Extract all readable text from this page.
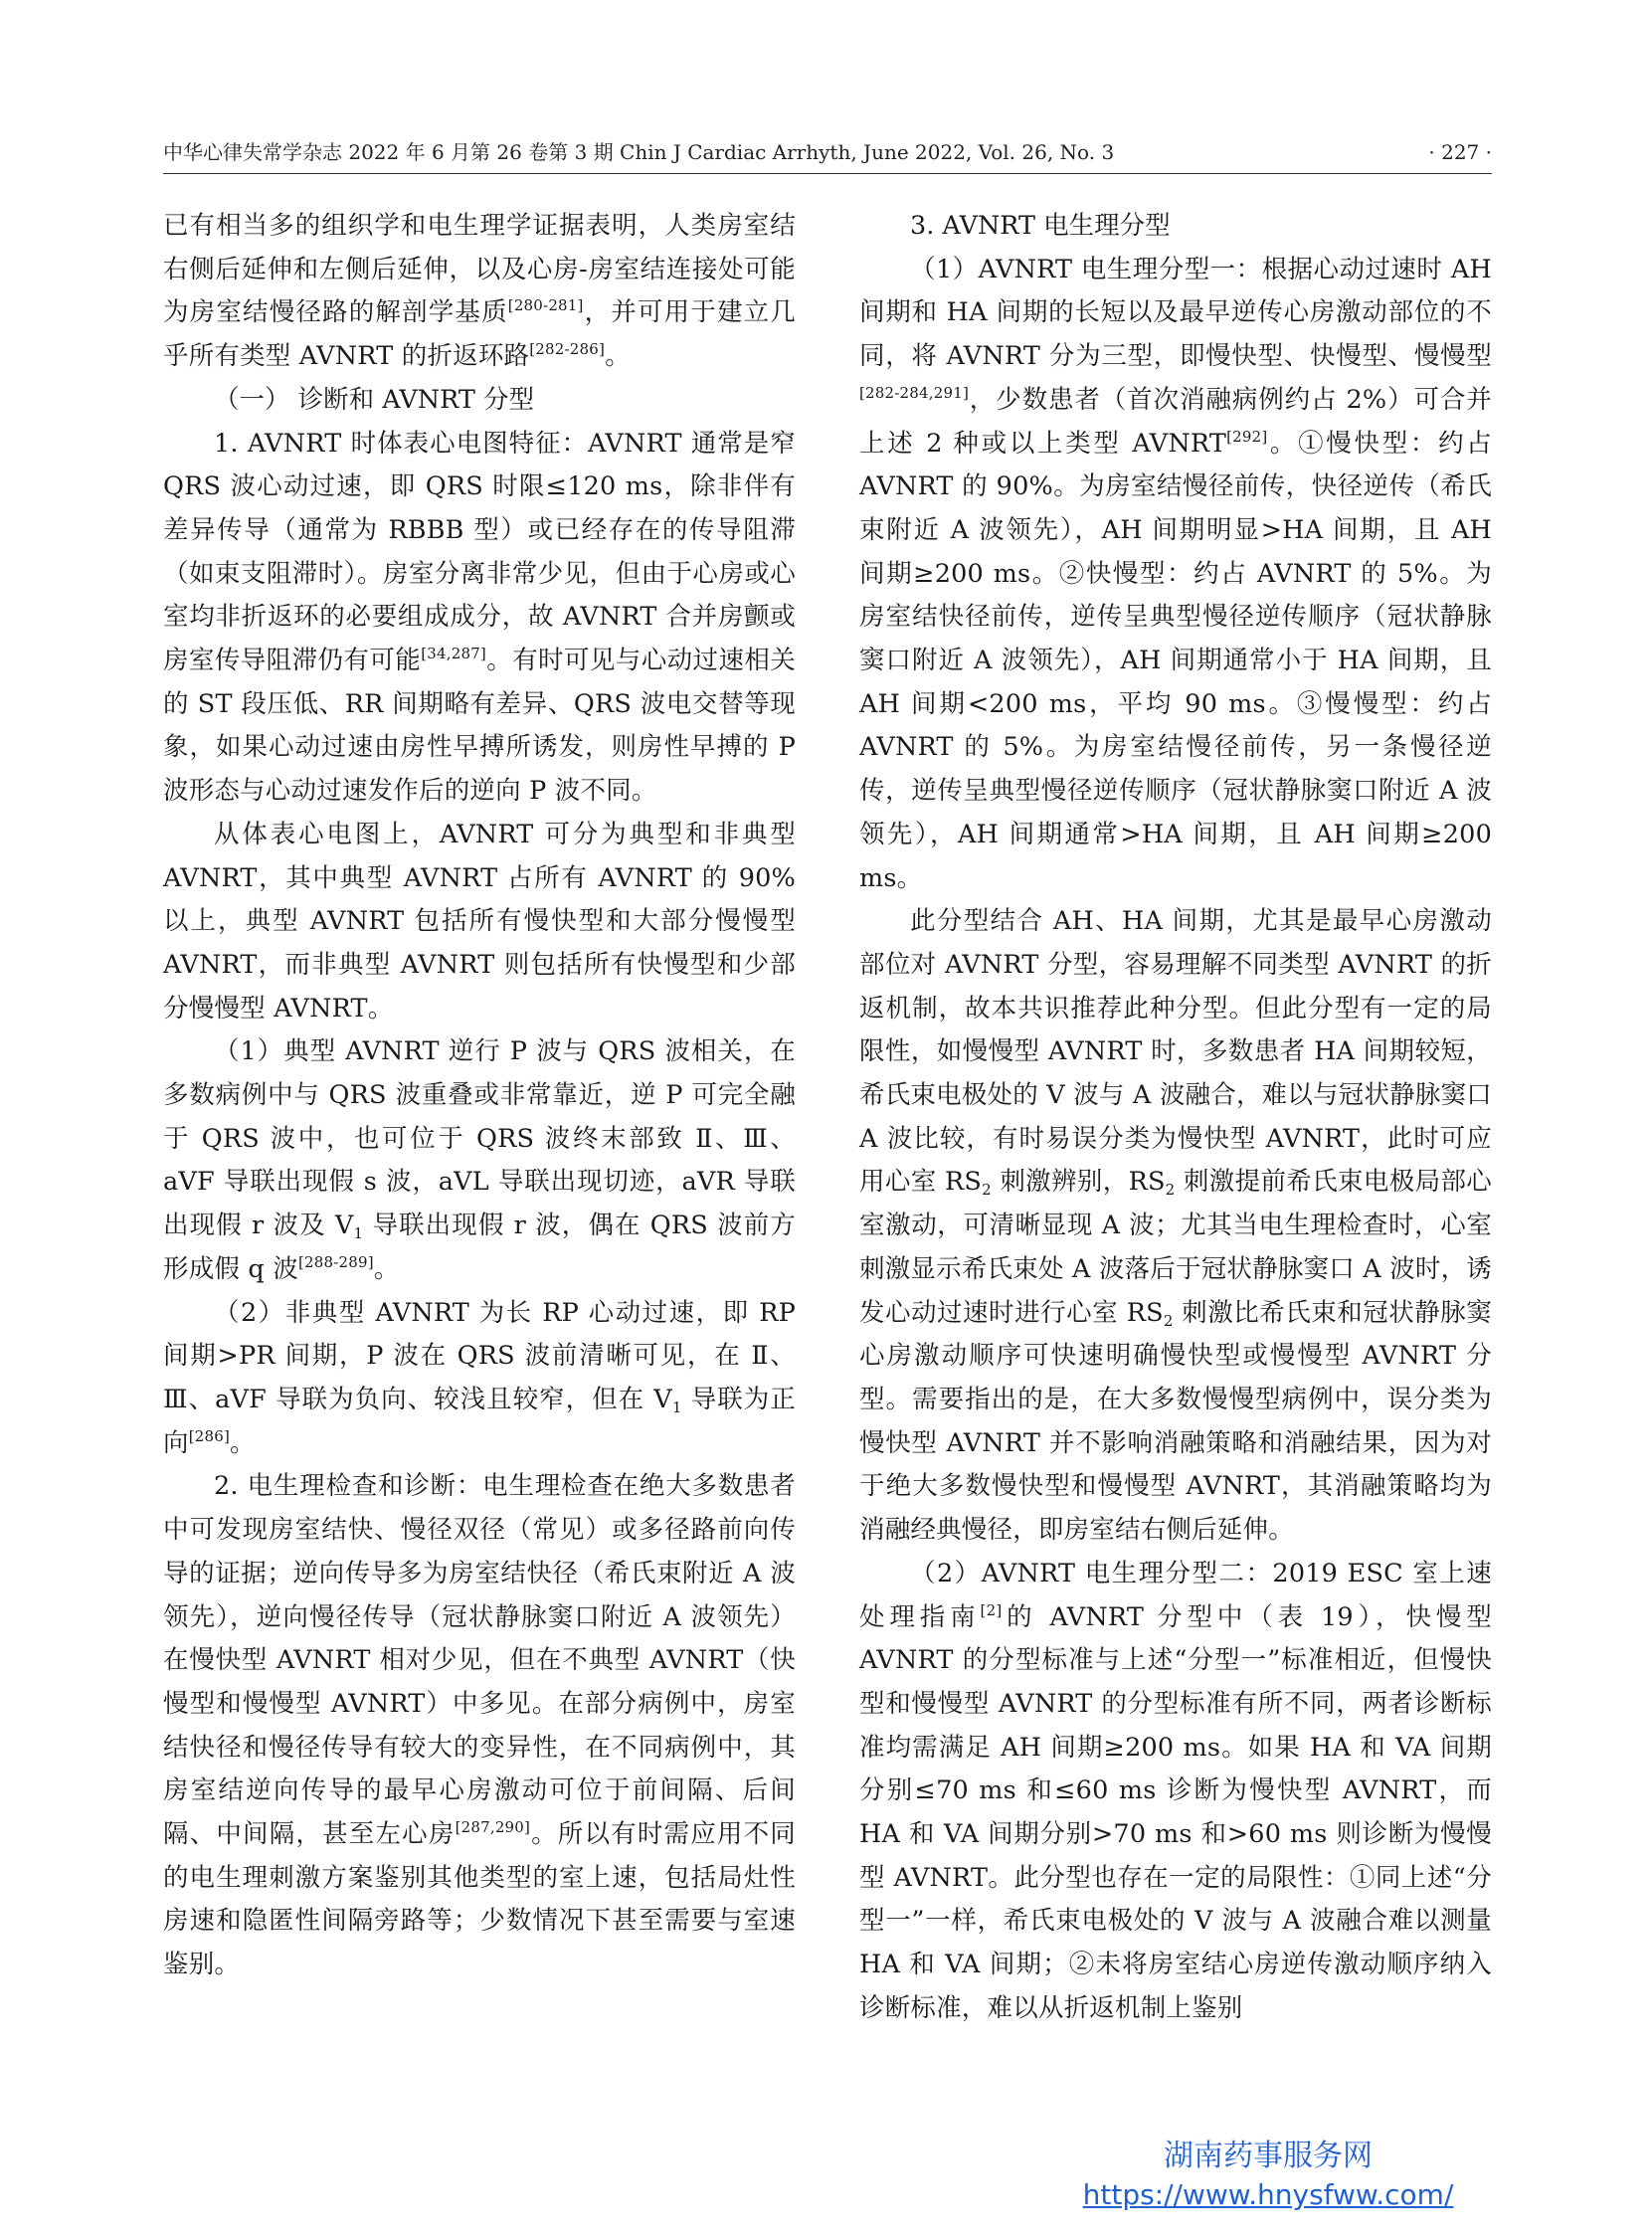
中华心律失常学杂志 2022 年 6 月第 26 卷第 3 期 Chin J Cardiac Arrhyth, June 2022, Vol. 26, No. 3	· 227 ·

已有相当多的组织学和电生理学证据表明，人类房室结右侧后延伸和左侧后延伸，以及心房-房室结连接处可能为房室结慢径路的解剖学基质[280-281]，并可用于建立几乎所有类型 AVNRT 的折返环路[282-286]。

（一） 诊断和 AVNRT 分型

1. AVNRT 时体表心电图特征：AVNRT 通常是窄 QRS 波心动过速，即 QRS 时限≤120 ms，除非伴有差异传导（通常为 RBBB 型）或已经存在的传导阻滞（如束支阻滞时）。房室分离非常少见，但由于心房或心室均非折返环的必要组成成分，故 AVNRT 合并房颤或房室传导阻滞仍有可能[34,287]。有时可见与心动过速相关的 ST 段压低、RR 间期略有差异、QRS 波电交替等现象，如果心动过速由房性早搏所诱发，则房性早搏的 P 波形态与心动过速发作后的逆向 P 波不同。

从体表心电图上，AVNRT 可分为典型和非典型 AVNRT，其中典型 AVNRT 占所有 AVNRT 的 90%以上，典型 AVNRT 包括所有慢快型和大部分慢慢型 AVNRT，而非典型 AVNRT 则包括所有快慢型和少部分慢慢型 AVNRT。

（1）典型 AVNRT 逆行 P 波与 QRS 波相关，在多数病例中与 QRS 波重叠或非常靠近，逆 P 可完全融于 QRS 波中，也可位于 QRS 波终末部致 Ⅱ、Ⅲ、aVF 导联出现假 s 波，aVL 导联出现切迹，aVR 导联出现假 r 波及 $V_1$ 导联出现假 r 波，偶在 QRS 波前方形成假 q 波[288-289]。

（2）非典型 AVNRT 为长 RP 心动过速，即 RP 间期>PR 间期，P 波在 QRS 波前清晰可见，在 Ⅱ、Ⅲ、aVF 导联为负向、较浅且较窄，但在 $V_1$ 导联为正向[286]。

2. 电生理检查和诊断：电生理检查在绝大多数患者中可发现房室结快、慢径双径（常见）或多径路前向传导的证据；逆向传导多为房室结快径（希氏束附近 A 波领先），逆向慢径传导（冠状静脉窦口附近 A 波领先）在慢快型 AVNRT 相对少见，但在不典型 AVNRT（快慢型和慢慢型 AVNRT）中多见。在部分病例中，房室结快径和慢径传导有较大的变异性，在不同病例中，其房室结逆向传导的最早心房激动可位于前间隔、后间隔、中间隔，甚至左心房[287,290]。所以有时需应用不同的电生理刺激方案鉴别其他类型的室上速，包括局灶性房速和隐匿性间隔旁路等；少数情况下甚至需要与室速鉴别。

3. AVNRT 电生理分型

（1）AVNRT 电生理分型一：根据心动过速时 AH 间期和 HA 间期的长短以及最早逆传心房激动部位的不同，将 AVNRT 分为三型，即慢快型、快慢型、慢慢型[282-284,291]，少数患者（首次消融病例约占 2%）可合并上述 2 种或以上类型 AVNRT[292]。①慢快型：约占 AVNRT 的 90%。为房室结慢径前传，快径逆传（希氏束附近 A 波领先），AH 间期明显>HA 间期，且 AH 间期≥200 ms。②快慢型：约占 AVNRT 的 5%。为房室结快径前传，逆传呈典型慢径逆传顺序（冠状静脉窦口附近 A 波领先），AH 间期通常小于 HA 间期，且 AH 间期<200 ms，平均 90 ms。③慢慢型：约占 AVNRT 的 5%。为房室结慢径前传，另一条慢径逆传，逆传呈典型慢径逆传顺序（冠状静脉窦口附近 A 波领先），AH 间期通常>HA 间期，且 AH 间期≥200 ms。

此分型结合 AH、HA 间期，尤其是最早心房激动部位对 AVNRT 分型，容易理解不同类型 AVNRT 的折返机制，故本共识推荐此种分型。但此分型有一定的局限性，如慢慢型 AVNRT 时，多数患者 HA 间期较短，希氏束电极处的 V 波与 A 波融合，难以与冠状静脉窦口 A 波比较，有时易误分类为慢快型 AVNRT，此时可应用心室 $RS_2$ 刺激辨别，$RS_2$ 刺激提前希氏束电极局部心室激动，可清晰显现 A 波；尤其当电生理检查时，心室刺激显示希氏束处 A 波落后于冠状静脉窦口 A 波时，诱发心动过速时进行心室 $RS_2$ 刺激比希氏束和冠状静脉窦心房激动顺序可快速明确慢快型或慢慢型 AVNRT 分型。需要指出的是，在大多数慢慢型病例中，误分类为慢快型 AVNRT 并不影响消融策略和消融结果，因为对于绝大多数慢快型和慢慢型 AVNRT，其消融策略均为消融经典慢径，即房室结右侧后延伸。

（2）AVNRT 电生理分型二：2019 ESC 室上速处理指南[2]的 AVNRT 分型中（表 19），快慢型 AVNRT 的分型标准与上述“分型一”标准相近，但慢快型和慢慢型 AVNRT 的分型标准有所不同，两者诊断标准均需满足 AH 间期≥200 ms。如果 HA 和 VA 间期分别≤70 ms 和≤60 ms 诊断为慢快型 AVNRT，而 HA 和 VA 间期分别>70 ms 和>60 ms 则诊断为慢慢型 AVNRT。此分型也存在一定的局限性：①同上述“分型一”一样，希氏束电极处的 V 波与 A 波融合难以测量 HA 和 VA 间期；②未将房室结心房逆传激动顺序纳入诊断标准，难以从折返机制上鉴别

湖南药事服务网
https://www.hnysfww.com/
